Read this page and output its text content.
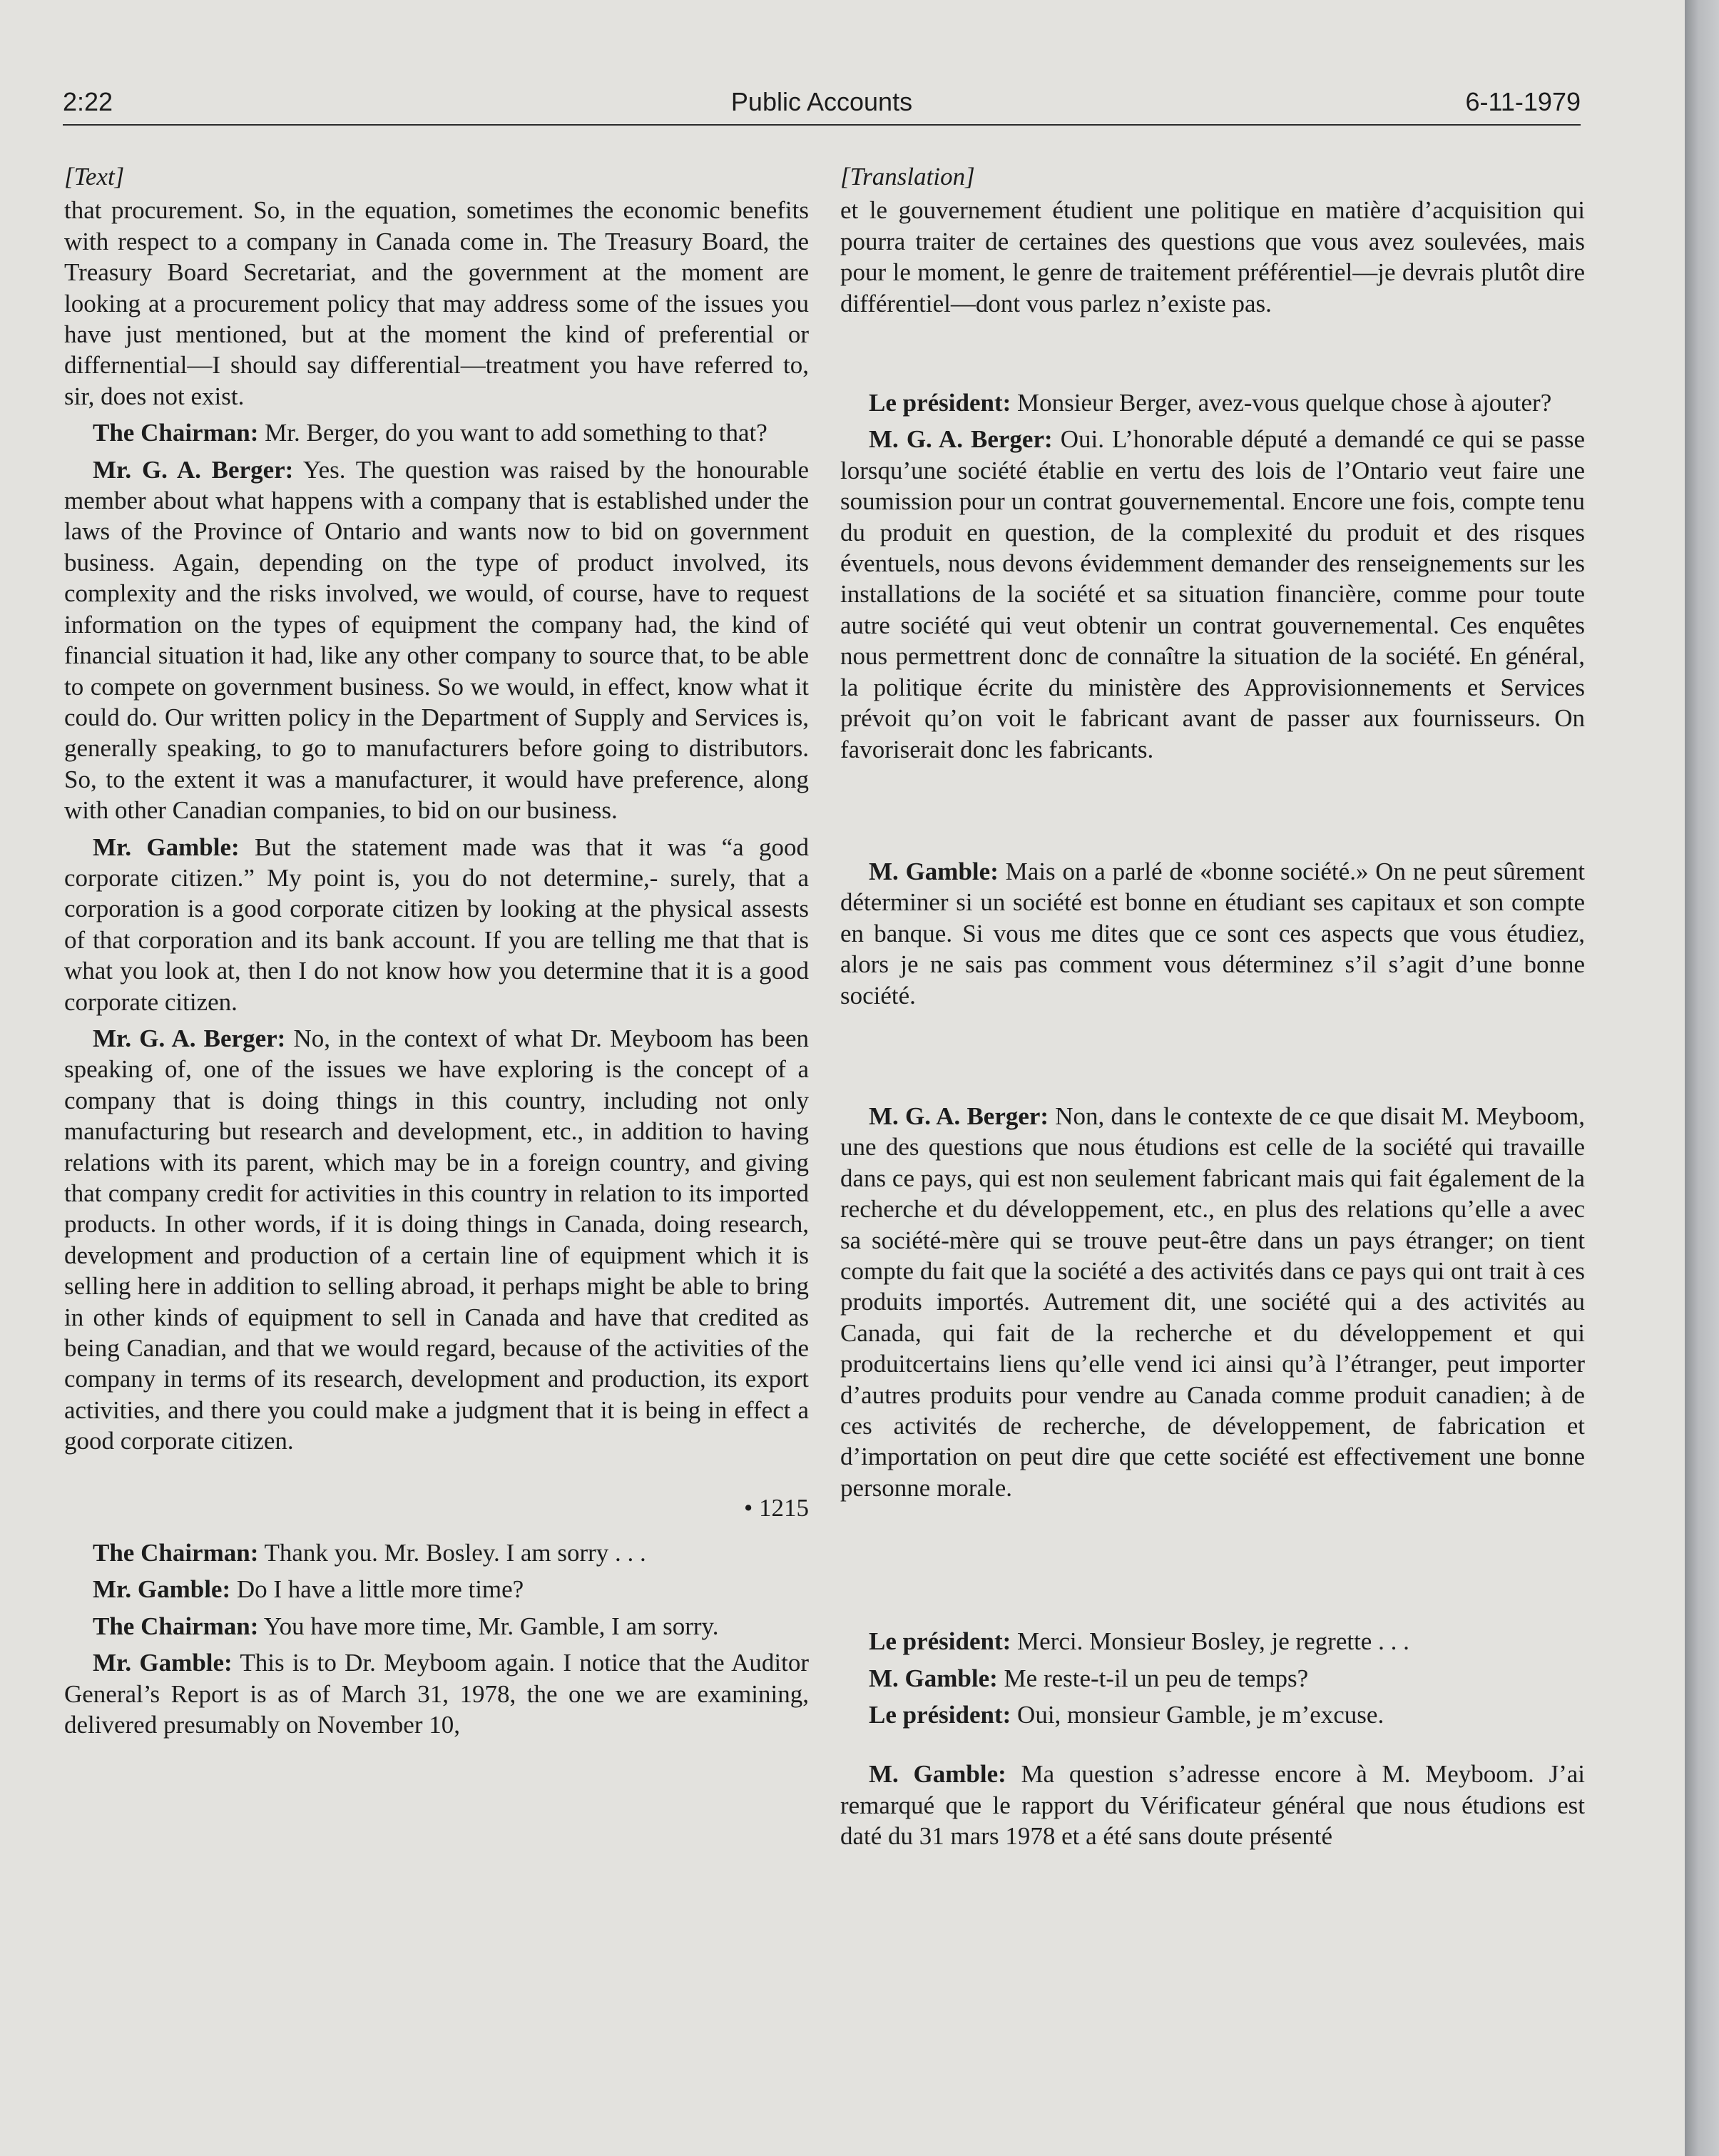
2:22	Public Accounts	6-11-1979
[Text]

that procurement. So, in the equation, sometimes the economic benefits with respect to a company in Canada come in. The Treasury Board, the Treasury Board Secretariat, and the government at the moment are looking at a procurement policy that may address some of the issues you have just mentioned, but at the moment the kind of preferential or differnential—I should say differential—treatment you have referred to, sir, does not exist.

The Chairman: Mr. Berger, do you want to add something to that?

Mr. G. A. Berger: Yes. The question was raised by the honourable member about what happens with a company that is established under the laws of the Province of Ontario and wants now to bid on government business. Again, depending on the type of product involved, its complexity and the risks involved, we would, of course, have to request information on the types of equipment the company had, the kind of financial situation it had, like any other company to source that, to be able to compete on government business. So we would, in effect, know what it could do. Our written policy in the Department of Supply and Services is, generally speaking, to go to manufacturers before going to distributors. So, to the extent it was a manufacturer, it would have preference, along with other Canadian companies, to bid on our business.

Mr. Gamble: But the statement made was that it was “a good corporate citizen.” My point is, you do not determine,- surely, that a corporation is a good corporate citizen by looking at the physical assests of that corporation and its bank account. If you are telling me that that is what you look at, then I do not know how you determine that it is a good corporate citizen.

Mr. G. A. Berger: No, in the context of what Dr. Meyboom has been speaking of, one of the issues we have exploring is the concept of a company that is doing things in this country, including not only manufacturing but research and development, etc., in addition to having relations with its parent, which may be in a foreign country, and giving that company credit for activities in this country in relation to its imported products. In other words, if it is doing things in Canada, doing research, development and production of a certain line of equipment which it is selling here in addition to selling abroad, it perhaps might be able to bring in other kinds of equipment to sell in Canada and have that credited as being Canadian, and that we would regard, because of the activities of the company in terms of its research, development and production, its export activities, and there you could make a judgment that it is being in effect a good corporate citizen.

• 1215

The Chairman: Thank you. Mr. Bosley. I am sorry . . .

Mr. Gamble: Do I have a little more time?

The Chairman: You have more time, Mr. Gamble, I am sorry.

Mr. Gamble: This is to Dr. Meyboom again. I notice that the Auditor General’s Report is as of March 31, 1978, the one we are examining, delivered presumably on November 10,

[Translation]

et le gouvernement étudient une politique en matière d’acquisition qui pourra traiter de certaines des questions que vous avez soulevées, mais pour le moment, le genre de traitement préférentiel—je devrais plutôt dire différentiel—dont vous parlez n’existe pas.

Le président: Monsieur Berger, avez-vous quelque chose à ajouter?

M. G. A. Berger: Oui. L’honorable député a demandé ce qui se passe lorsqu’une société établie en vertu des lois de l’Ontario veut faire une soumission pour un contrat gouvernemental. Encore une fois, compte tenu du produit en question, de la complexité du produit et des risques éventuels, nous devons évidemment demander des renseignements sur les installations de la société et sa situation financière, comme pour toute autre société qui veut obtenir un contrat gouvernemental. Ces enquêtes nous permettrent donc de connaître la situation de la société. En général, la politique écrite du ministère des Approvisionnements et Services prévoit qu’on voit le fabricant avant de passer aux fournisseurs. On favoriserait donc les fabricants.

M. Gamble: Mais on a parlé de «bonne société.» On ne peut sûrement déterminer si un société est bonne en étudiant ses capitaux et son compte en banque. Si vous me dites que ce sont ces aspects que vous étudiez, alors je ne sais pas comment vous déterminez s’il s’agit d’une bonne société.

M. G. A. Berger: Non, dans le contexte de ce que disait M. Meyboom, une des questions que nous étudions est celle de la société qui travaille dans ce pays, qui est non seulement fabricant mais qui fait également de la recherche et du développement, etc., en plus des relations qu’elle a avec sa société-mère qui se trouve peut-être dans un pays étranger; on tient compte du fait que la société a des activités dans ce pays qui ont trait à ces produits importés. Autrement dit, une société qui a des activités au Canada, qui fait de la recherche et du développement et qui produitcertains liens qu’elle vend ici ainsi qu’à l’étranger, peut importer d’autres produits pour vendre au Canada comme produit canadien; à de ces activités de recherche, de développement, de fabrication et d’importation on peut dire que cette société est effectivement une bonne personne morale.

Le président: Merci. Monsieur Bosley, je regrette . . .

M. Gamble: Me reste-t-il un peu de temps?

Le président: Oui, monsieur Gamble, je m’excuse.

M. Gamble: Ma question s’adresse encore à M. Meyboom. J’ai remarqué que le rapport du Vérificateur général que nous étudions est daté du 31 mars 1978 et a été sans doute présenté
